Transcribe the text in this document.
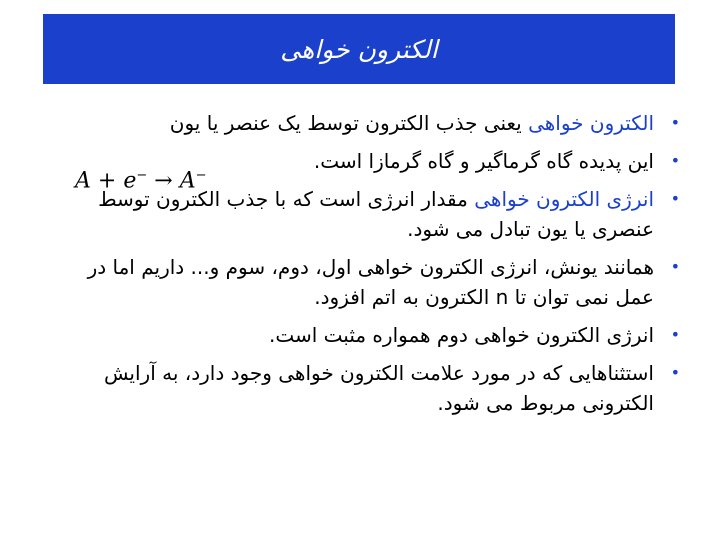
الکترون خواهی
A + e− → A−
•
الکترون خواهی یعنی جذب الکترون توسط یک عنصر یا یون
•
این پدیده گاه گرماگیر و گاه گرمازا است.
•
انرژی الکترون خواهی مقدار انرژی است که با جذب الکترون توسط عنصری یا یون تبادل می شود.
•
همانند یونش، انرژی الکترون خواهی اول، دوم، سوم و... داریم اما در عمل نمی توان تا n الکترون به اتم افزود.
•
انرژی الکترون خواهی دوم همواره مثبت است.
•
استثناهایی که در مورد علامت الکترون خواهی وجود دارد، به آرایش الکترونی مربوط می شود.
